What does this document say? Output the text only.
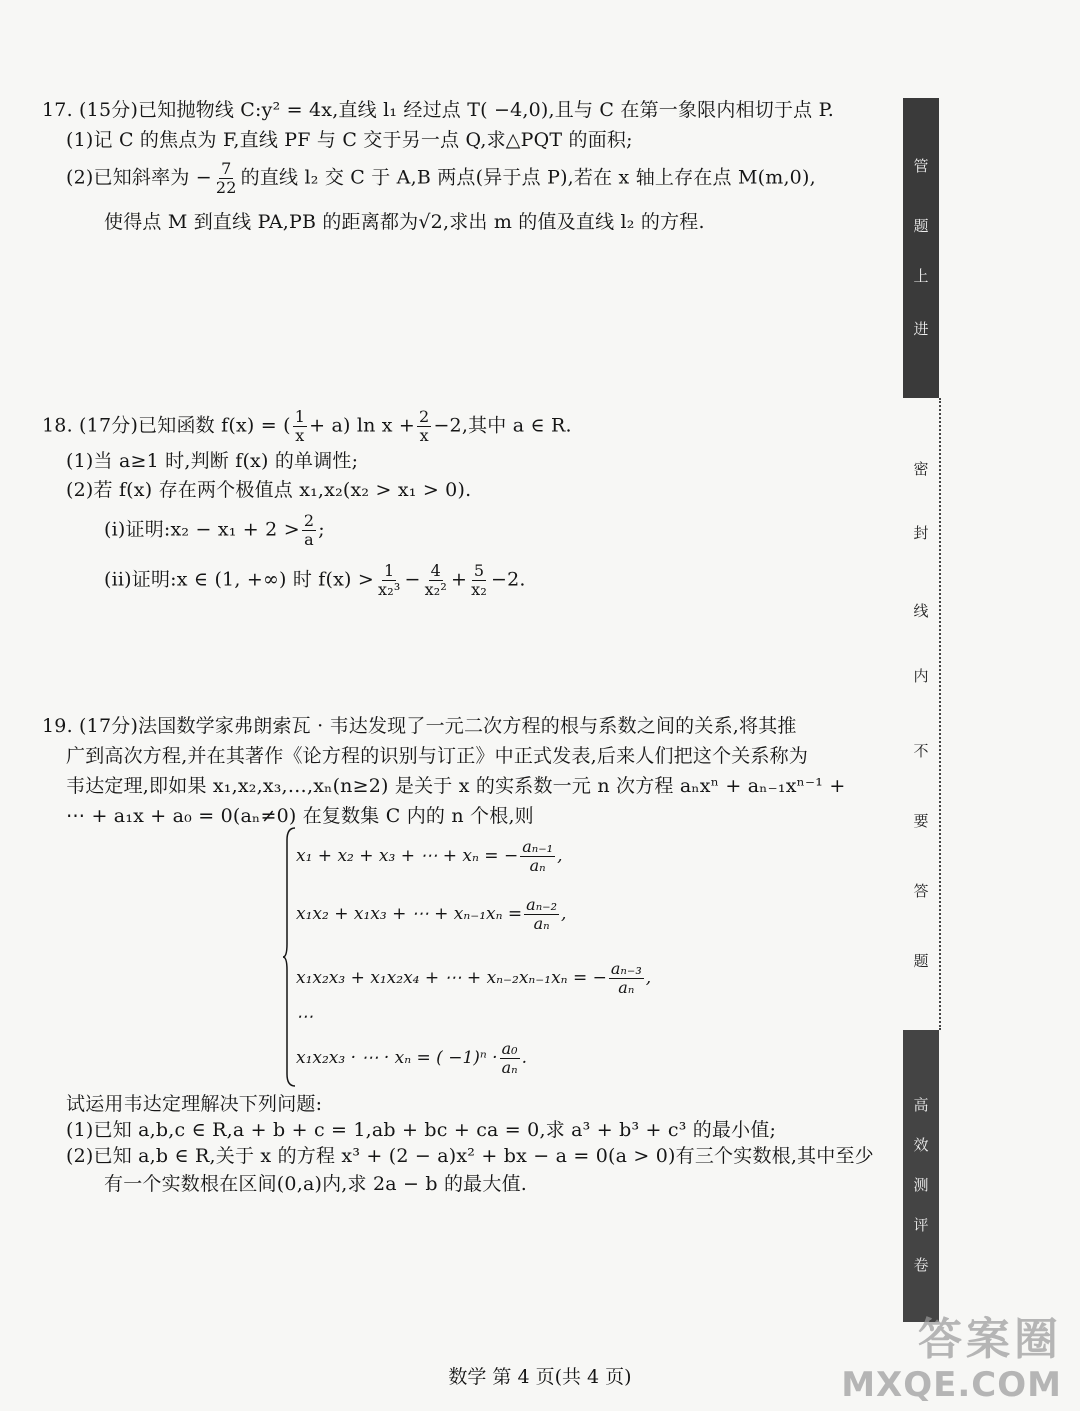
17. (15分)已知抛物线 C:y² = 4x,直线 l₁ 经过点 T( −4,0),且与 C 在第一象限内相切于点 P.
(1)记 C 的焦点为 F,直线 PF 与 C 交于另一点 Q,求△PQT 的面积;
(2)已知斜率为 − $\frac{7}{22}$ 的直线 l₂ 交 C 于 A,B 两点(异于点 P),若在 x 轴上存在点 M(m,0),
使得点 M 到直线 PA,PB 的距离都为√2,求出 m 的值及直线 l₂ 的方程.
18. (17分)已知函数 f(x) = ( $\frac{1}{x} + a$) $\ln x + \frac{2}{x} -2$,其中 a ∈ R.
(1)当 a≥1 时,判断 f(x) 的单调性;
(2)若 f(x) 存在两个极值点 x₁,x₂(x₂ > x₁ > 0).
(i)证明:x₂ − $x_1 + 2 > \frac{2}{a}$ ;
(ii)证明:x ∈ (1, +∞) 时 $f(x) > \frac{1}{\text{x₂³}} - \frac{4}{\text{x₂²}} + \frac{5}{\text{x₂}} -2$.
19. (17分)法国数学家弗朗索瓦 · 韦达发现了一元二次方程的根与系数之间的关系,将其推
广到高次方程,并在其著作《论方程的识别与订正》中正式发表,后来人们把这个关系称为
韦达定理,即如果 x₁,x₂,x₃,…,xₙ(n≥2) 是关于 x 的实系数一元 n 次方程 aₙxⁿ + aₙ₋₁xⁿ⁻¹ +
⋯ + a₁x + a₀ = 0(aₙ≠0) 在复数集 C 内的 n 个根,则
x₁ + x₂ + x₃ + ⋯ + xₙ = − $\frac{\text{aₙ₋₁}}{\text{aₙ}}$ ,
x₁x₂ + x₁x₃ + ⋯ + $x_{n-1}x_n = \frac{\text{aₙ₋₂}}{\text{aₙ}}$ ,
x₁x₂x₃ + x₁x₂x₄ + ⋯ + xₙ₋₂xₙ₋₁xₙ = − $\frac{\text{aₙ₋₃}}{\text{aₙ}}$ ,
⋯
x₁x₂x₃ · ⋯ · xₙ = ( $-1)^n \cdot \frac{\text{a₀}}{\text{aₙ}}$ .
试运用韦达定理解决下列问题:
(1)已知 a,b,c ∈ R,a + b + c = 1,ab + bc + ca = 0,求 a³ + b³ + c³ 的最小值;
(2)已知 a,b ∈ R,关于 x 的方程 x³ + (2 − a)x² + bx − a = 0(a > 0)有三个实数根,其中至少
有一个实数根在区间(0,a)内,求 2a − b 的最大值.
管
题
上
进
密
封
线
内
不
要
答
题
高
效
测
评
卷
数学 第 4 页(共 4 页)
答案圈
MXQE.COM
